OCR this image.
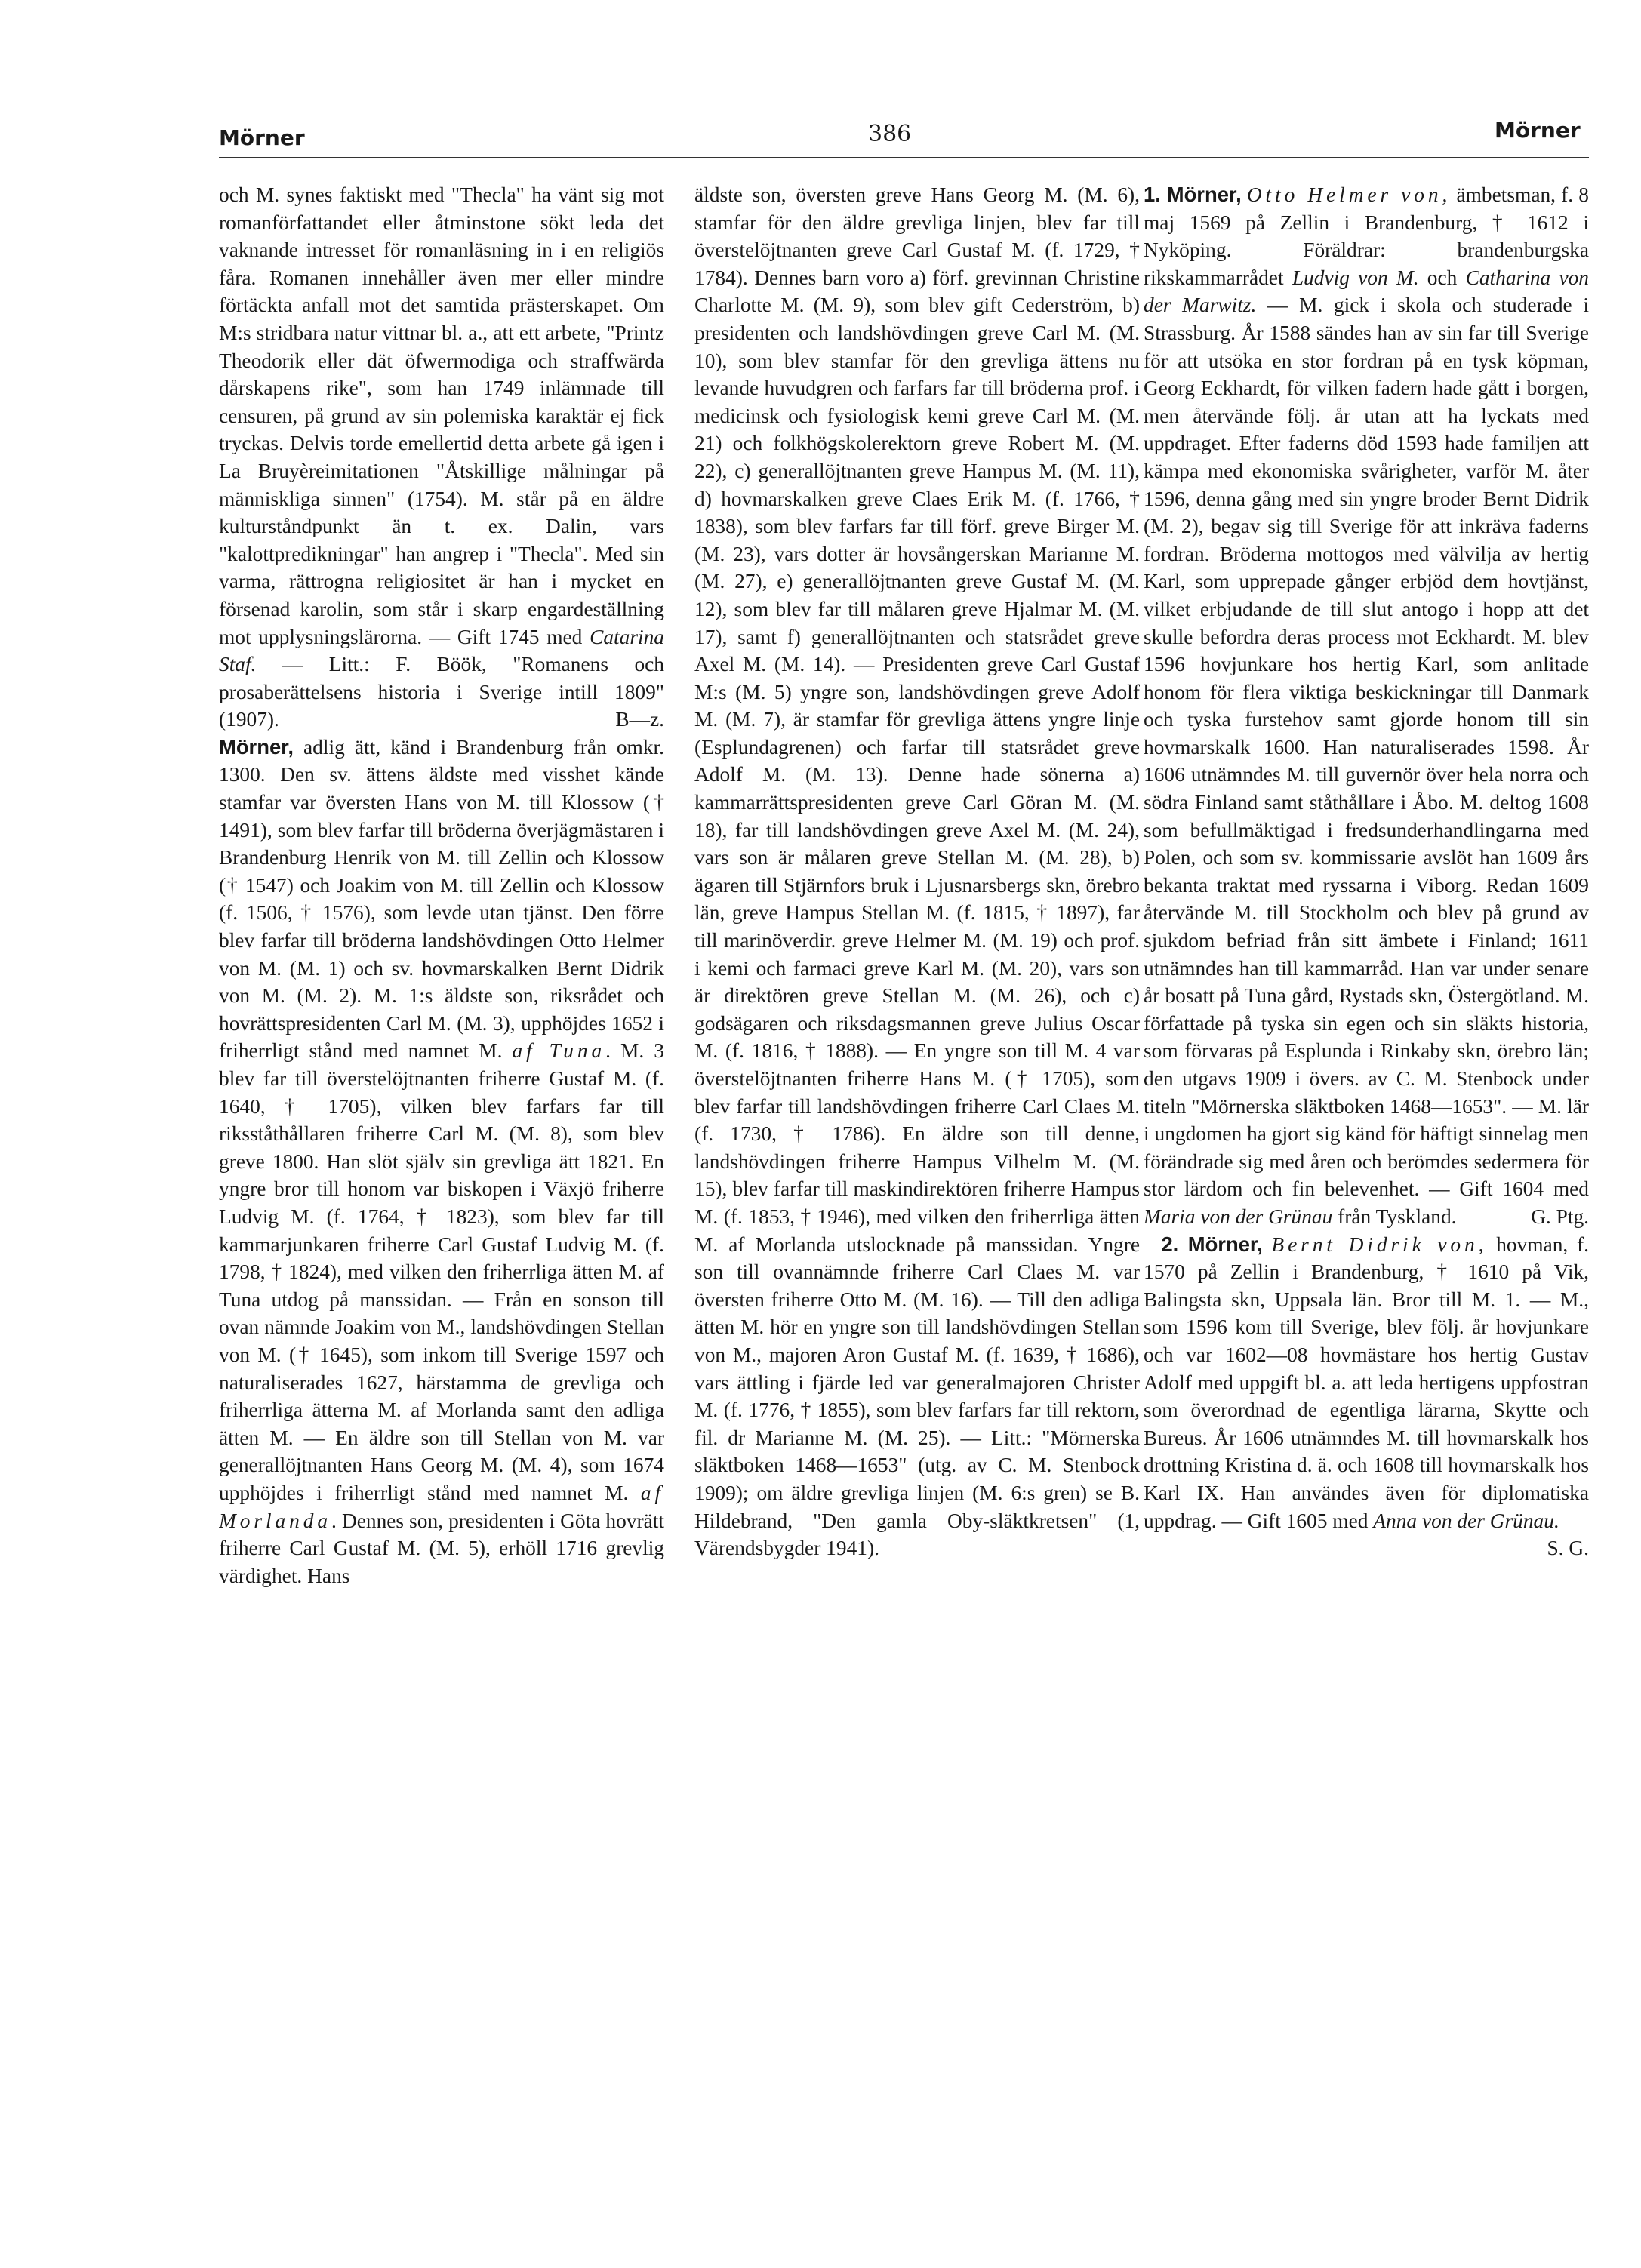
Mörner	386	Mörner

och M. synes faktiskt med "Thecla" ha vänt sig mot romanförfattandet eller åtminstone sökt leda det vaknande intresset för romanläsning in i en religiös fåra. Romanen innehåller även mer eller mindre förtäckta anfall mot det samtida prästerskapet. Om M:s stridbara natur vittnar bl. a., att ett arbete, "Printz Theodorik eller dät öfwermodiga och straffwärda dårskapens rike", som han 1749 inlämnade till censuren, på grund av sin polemiska karaktär ej fick tryckas. Delvis torde emellertid detta arbete gå igen i La Bruyèreimitationen "Åtskillige målningar på människliga sinnen" (1754). M. står på en äldre kulturståndpunkt än t. ex. Dalin, vars "kalottpredikningar" han angrep i "Thecla". Med sin varma, rättrogna religiositet är han i mycket en försenad karolin, som står i skarp engardeställning mot upplysningslärorna. — Gift 1745 med Catarina Staf. — Litt.: F. Böök, "Romanens och prosaberättelsens historia i Sverige intill 1809" (1907).	B—z.

Mörner, adlig ätt, känd i Brandenburg från omkr. 1300. Den sv. ättens äldste med visshet kände stamfar var översten Hans von M. till Klossow († 1491), som blev farfar till bröderna överjägmästaren i Brandenburg Henrik von M. till Zellin och Klossow († 1547) och Joakim von M. till Zellin och Klossow (f. 1506, † 1576), som levde utan tjänst. Den förre blev farfar till bröderna landshövdingen Otto Helmer von M. (M. 1) och sv. hovmarskalken Bernt Didrik von M. (M. 2). M. 1:s äldste son, riksrådet och hovrättspresidenten Carl M. (M. 3), upphöjdes 1652 i friherrligt stånd med namnet M. af Tuna. M. 3 blev far till överstelöjtnanten friherre Gustaf M. (f. 1640, † 1705), vilken blev farfars far till riksståthållaren friherre Carl M. (M. 8), som blev greve 1800. Han slöt själv sin grevliga ätt 1821. En yngre bror till honom var biskopen i Växjö friherre Ludvig M. (f. 1764, † 1823), som blev far till kammarjunkaren friherre Carl Gustaf Ludvig M. (f. 1798, † 1824), med vilken den friherrliga ätten M. af Tuna utdog på manssidan. — Från en sonson till ovan nämnde Joakim von M., landshövdingen Stellan von M. († 1645), som inkom till Sverige 1597 och naturaliserades 1627, härstamma de grevliga och friherrliga ätterna M. af Morlanda samt den adliga ätten M. — En äldre son till Stellan von M. var generallöjtnanten Hans Georg M. (M. 4), som 1674 upphöjdes i friherrligt stånd med namnet M. af Morlanda. Dennes son, presidenten i Göta hovrätt friherre Carl Gustaf M. (M. 5), erhöll 1716 grevlig värdighet. Hans

äldste son, översten greve Hans Georg M. (M. 6), stamfar för den äldre grevliga linjen, blev far till överstelöjtnanten greve Carl Gustaf M. (f. 1729, † 1784). Dennes barn voro a) förf. grevinnan Christine Charlotte M. (M. 9), som blev gift Cederström, b) presidenten och landshövdingen greve Carl M. (M. 10), som blev stamfar för den grevliga ättens nu levande huvudgren och farfars far till bröderna prof. i medicinsk och fysiologisk kemi greve Carl M. (M. 21) och folkhögskolerektorn greve Robert M. (M. 22), c) generallöjtnanten greve Hampus M. (M. 11), d) hovmarskalken greve Claes Erik M. (f. 1766, † 1838), som blev farfars far till förf. greve Birger M. (M. 23), vars dotter är hovsångerskan Marianne M. (M. 27), e) generallöjtnanten greve Gustaf M. (M. 12), som blev far till målaren greve Hjalmar M. (M. 17), samt f) generallöjtnanten och statsrådet greve Axel M. (M. 14). — Presidenten greve Carl Gustaf M:s (M. 5) yngre son, landshövdingen greve Adolf M. (M. 7), är stamfar för grevliga ättens yngre linje (Esplundagrenen) och farfar till statsrådet greve Adolf M. (M. 13). Denne hade sönerna a) kammarrättspresidenten greve Carl Göran M. (M. 18), far till landshövdingen greve Axel M. (M. 24), vars son är målaren greve Stellan M. (M. 28), b) ägaren till Stjärnfors bruk i Ljusnarsbergs skn, örebro län, greve Hampus Stellan M. (f. 1815, † 1897), far till marinöverdir. greve Helmer M. (M. 19) och prof. i kemi och farmaci greve Karl M. (M. 20), vars son är direktören greve Stellan M. (M. 26), och c) godsägaren och riksdagsmannen greve Julius Oscar M. (f. 1816, † 1888). — En yngre son till M. 4 var överstelöjtnanten friherre Hans M. († 1705), som blev farfar till landshövdingen friherre Carl Claes M. (f. 1730, † 1786). En äldre son till denne, landshövdingen friherre Hampus Vilhelm M. (M. 15), blev farfar till maskindirektören friherre Hampus M. (f. 1853, † 1946), med vilken den friherrliga ätten M. af Morlanda utslocknade på manssidan. Yngre son till ovannämnde friherre Carl Claes M. var översten friherre Otto M. (M. 16). — Till den adliga ätten M. hör en yngre son till landshövdingen Stellan von M., majoren Aron Gustaf M. (f. 1639, † 1686), vars ättling i fjärde led var generalmajoren Christer M. (f. 1776, † 1855), som blev farfars far till rektorn, fil. dr Marianne M. (M. 25). — Litt.: "Mörnerska släktboken 1468—1653" (utg. av C. M. Stenbock 1909); om äldre grevliga linjen (M. 6:s gren) se B. Hildebrand, "Den gamla Oby-släktkretsen" (1, Värendsbygder 1941).

1. Mörner, Otto Helmer von, ämbetsman, f. 8 maj 1569 på Zellin i Brandenburg, † 1612 i Nyköping. Föräldrar: brandenburgska rikskammarrådet Ludvig von M. och Catharina von der Marwitz. — M. gick i skola och studerade i Strassburg. År 1588 sändes han av sin far till Sverige för att utsöka en stor fordran på en tysk köpman, Georg Eckhardt, för vilken fadern hade gått i borgen, men återvände följ. år utan att ha lyckats med uppdraget. Efter faderns död 1593 hade familjen att kämpa med ekonomiska svårigheter, varför M. åter 1596, denna gång med sin yngre broder Bernt Didrik (M. 2), begav sig till Sverige för att inkräva faderns fordran. Bröderna mottogos med välvilja av hertig Karl, som upprepade gånger erbjöd dem hovtjänst, vilket erbjudande de till slut antogo i hopp att det skulle befordra deras process mot Eckhardt. M. blev 1596 hovjunkare hos hertig Karl, som anlitade honom för flera viktiga beskickningar till Danmark och tyska furstehov samt gjorde honom till sin hovmarskalk 1600. Han naturaliserades 1598. År 1606 utnämndes M. till guvernör över hela norra och södra Finland samt ståthållare i Åbo. M. deltog 1608 som befullmäktigad i fredsunderhandlingarna med Polen, och som sv. kommissarie avslöt han 1609 års bekanta traktat med ryssarna i Viborg. Redan 1609 återvände M. till Stockholm och blev på grund av sjukdom befriad från sitt ämbete i Finland; 1611 utnämndes han till kammarråd. Han var under senare år bosatt på Tuna gård, Rystads skn, Östergötland. M. författade på tyska sin egen och sin släkts historia, som förvaras på Esplunda i Rinkaby skn, örebro län; den utgavs 1909 i övers. av C. M. Stenbock under titeln "Mörnerska släktboken 1468—1653". — M. lär i ungdomen ha gjort sig känd för häftigt sinnelag men förändrade sig med åren och berömdes sedermera för stor lärdom och fin belevenhet. — Gift 1604 med Maria von der Grünau från Tyskland.	G. Ptg.

2. Mörner, Bernt Didrik von, hovman, f. 1570 på Zellin i Brandenburg, † 1610 på Vik, Balingsta skn, Uppsala län. Bror till M. 1. — M., som 1596 kom till Sverige, blev följ. år hovjunkare och var 1602—08 hovmästare hos hertig Gustav Adolf med uppgift bl. a. att leda hertigens uppfostran som överordnad de egentliga lärarna, Skytte och Bureus. År 1606 utnämndes M. till hovmarskalk hos drottning Kristina d. ä. och 1608 till hovmarskalk hos Karl IX. Han användes även för diplomatiska uppdrag. — Gift 1605 med Anna von der Grünau.
S. G.
